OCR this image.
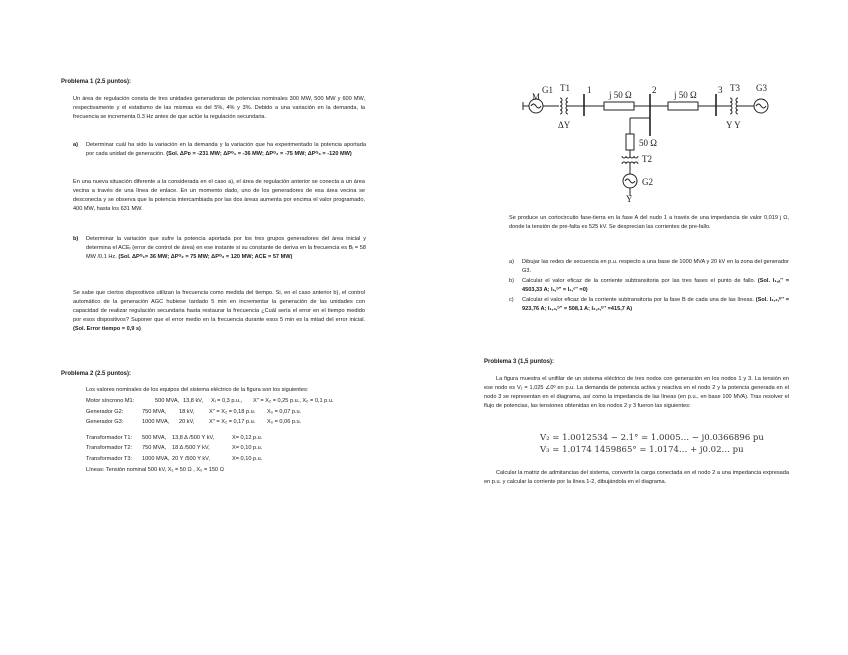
Problema 1 (2.5 puntos):

Un área de regulación consta de tres unidades generadoras de potencias nominales 300 MW, 500 MW y 600 MW, respectivamente y el estatismo de las mismas es del 5%, 4% y 3%. Debido a una variación en la demanda, la frecuencia se incrementa 0.3 Hz antes de que actúe la regulación secundaria.

a) Determinar cuál ha sido la variación en la demanda y la variación que ha experimentado la potencia aportada por cada unidad de generación. (Sol. ΔPᴅ = -231 MW; ΔPᴳ₁ = -36 MW; ΔPᴳ₂ = -75 MW; ΔPᴳ₃ = -120 MW)

En una nueva situación diferente a la considerada en el caso a), el área de regulación anterior se conecta a un área vecina a través de una línea de enlace. En un momento dado, uno de los generadores de esa área vecina se desconecta y se observa que la potencia intercambiada por las dos áreas aumenta por encima el valor programado, 400 MW, hasta los 631 MW.

b) Determinar la variación que sufre la potencia aportada por los tres grupos generadores del área inicial y determina el ACEᵢ (error de control de área) en ese instante si su constante de deriva en la frecuencia es Bᵢ = 58 MW /0.1 Hz. (Sol. ΔPᴳ₁= 36 MW; ΔPᴳ₂ = 75 MW; ΔPᴳ₃ = 120 MW; ACE = 57 MW)

Se sabe que ciertos dispositivos utilizan la frecuencia como medida del tiempo. Si, en el caso anterior b), el control automático de la generación AGC hubiese tardado 5 min en incrementar la generación de las unidades con capacidad de realizar regulación secundaria hasta restaurar la frecuencia ¿Cuál sería el error en el tiempo medido por esos dispositivos? Suponer que el error medio en la frecuencia durante esos 5 min es la mitad del error inicial. (Sol. Error tiempo = 0,9 s)

Problema 2 (2.5 puntos):
Los valores nominales de los equipos del sistema eléctrico de la figura son los siguientes:
Motor síncrono M1:	500 MVA, 13,8 kV, Xᵢ = 0,3 p.u., X'' = X₂ = 0,25 p.u., X₀ = 0,1 p.u.
Generador G2:	750 MVA, 18 kV,	X'' = X₂ = 0,18 p.u. X₀ = 0,07 p.u.
Generador G3:	1000 MVA, 20 kV,	X'' = X₂ = 0,17 p.u. X₀ = 0,06 p.u.
Transformador T1: 500 MVA, 13,8 Δ /500 Y kV,	X= 0,12 p.u.
Transformador T2: 750 MVA, 18 Δ /500 Y kV,	X= 0,10 p.u.
Transformador T3: 1000 MVA, 20 Y /500 Y kV,	X= 0,10 p.u.
Líneas: Tensión nominal 500 kV, X₁ = 50 Ω , X₀ = 150 Ω
G1
M
T1 1 j 50 Ω 2 j 50 Ω 3 T3 G3
ΔY	Y Y
50 Ω
T2
G2
Y

Se produce un cortocircuito fase-tierra en la fase A del nudo 1 a través de una impedancia de valor 0,019 j Ω, donde la tensión de pre-falta es 525 kV. Se desprecian las corrientes de pre-fallo.

a)	Dibujar las redes de secuencia en p.u. respecto a una base de 1000 MVA y 20 kV en la zona del generador G3.

b)	Calcular el valor eficaz de la corriente subtransitoria por las tres fases el punto de fallo. (Sol. I₁,ₐ'' = 4503,33 A; I₁,ᵇ'' = I₁,ᶜ'' =0)

c)	Calcular el valor eficaz de la corriente subtransitoria por la fase B de cada una de las líneas. (Sol. I₁,₂,ᵇ'' = 923,76 A; I₁,₃,ᵇ'' = 508,1 A; I₂,₃,ᵇ'' =415,7 A)

Problema 3 (1,5 puntos):

La figura muestra el unifilar de un sistema eléctrico de tres nodos con generación en los nodos 1 y 3. La tensión en ese nodo es V₁ = 1,025 ∠0º en p.u. La demanda de potencia activa y reactiva en el nodo 2 y la potencia generada en el nodo 3 se representan en el diagrama, así como la impedancia de las líneas (en p.u., en base 100 MVA). Tras resolver el flujo de potencias, las tensiones obtenidas en los nodos 2 y 3 fueron las siguientes:

V₂ = 1.0012534 − 2.1° = 1.0005… − j0.0366896 pu
V₃ = 1.0174 1459865° = 1.0174… + j0.02… pu

Calcular la matriz de admitancias del sistema, convertir la carga conectada en el nodo 2 a una impedancia expresada en p.u. y calcular la corriente por la línea 1-2, dibujándola en el diagrama.
